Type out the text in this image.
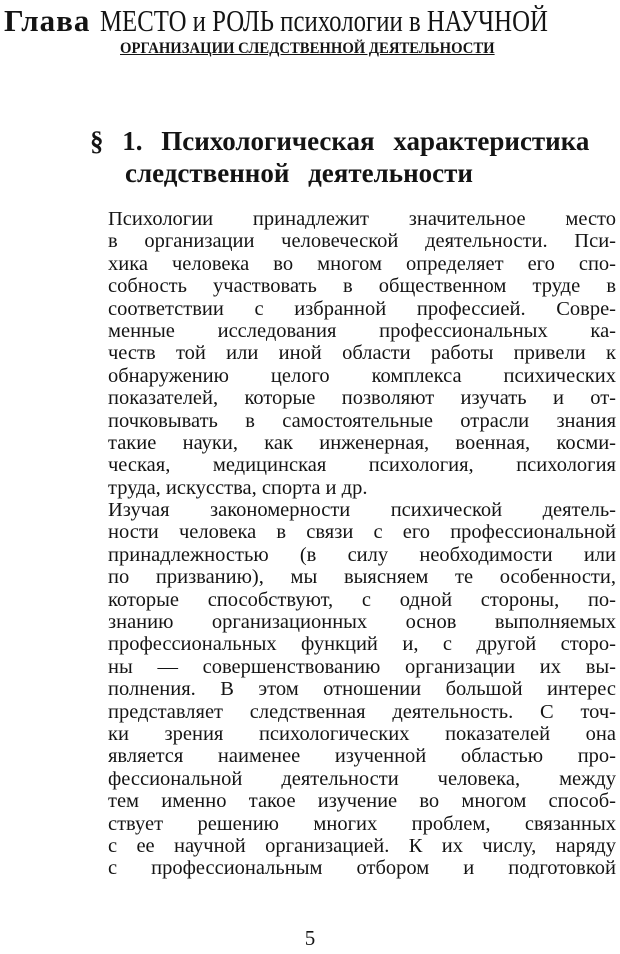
Глава МЕСТО и РОЛЬ психологии в НАУЧНОЙ
ОРГАНИЗАЦИИ СЛЕДСТВЕННОЙ ДЕЯТЕЛЬНОСТИ
§ 1. Психологическая характеристика
следственной деятельности
Психологии принадлежит значительное место
в организации человеческой деятельности. Пси-
хика человека во многом определяет его спо-
собность участвовать в общественном труде в
соответствии с избранной профессией. Совре-
менные исследования профессиональных ка-
честв той или иной области работы привели к
обнаружению целого комплекса психических
показателей, которые позволяют изучать и от-
почковывать в самостоятельные отрасли знания
такие науки, как инженерная, военная, косми-
ческая, медицинская психология, психология
труда, искусства, спорта и др.
Изучая закономерности психической деятель-
ности человека в связи с его профессиональной
принадлежностью (в силу необходимости или
по призванию), мы выясняем те особенности,
которые способствуют, с одной стороны, по-
знанию организационных основ выполняемых
профессиональных функций и, с другой сторо-
ны — совершенствованию организации их вы-
полнения. В этом отношении большой интерес
представляет следственная деятельность. С точ-
ки зрения психологических показателей она
является наименее изученной областью про-
фессиональной деятельности человека, между
тем именно такое изучение во многом способ-
ствует решению многих проблем, связанных
с ее научной организацией. К их числу, наряду
с профессиональным отбором и подготовкой
5
